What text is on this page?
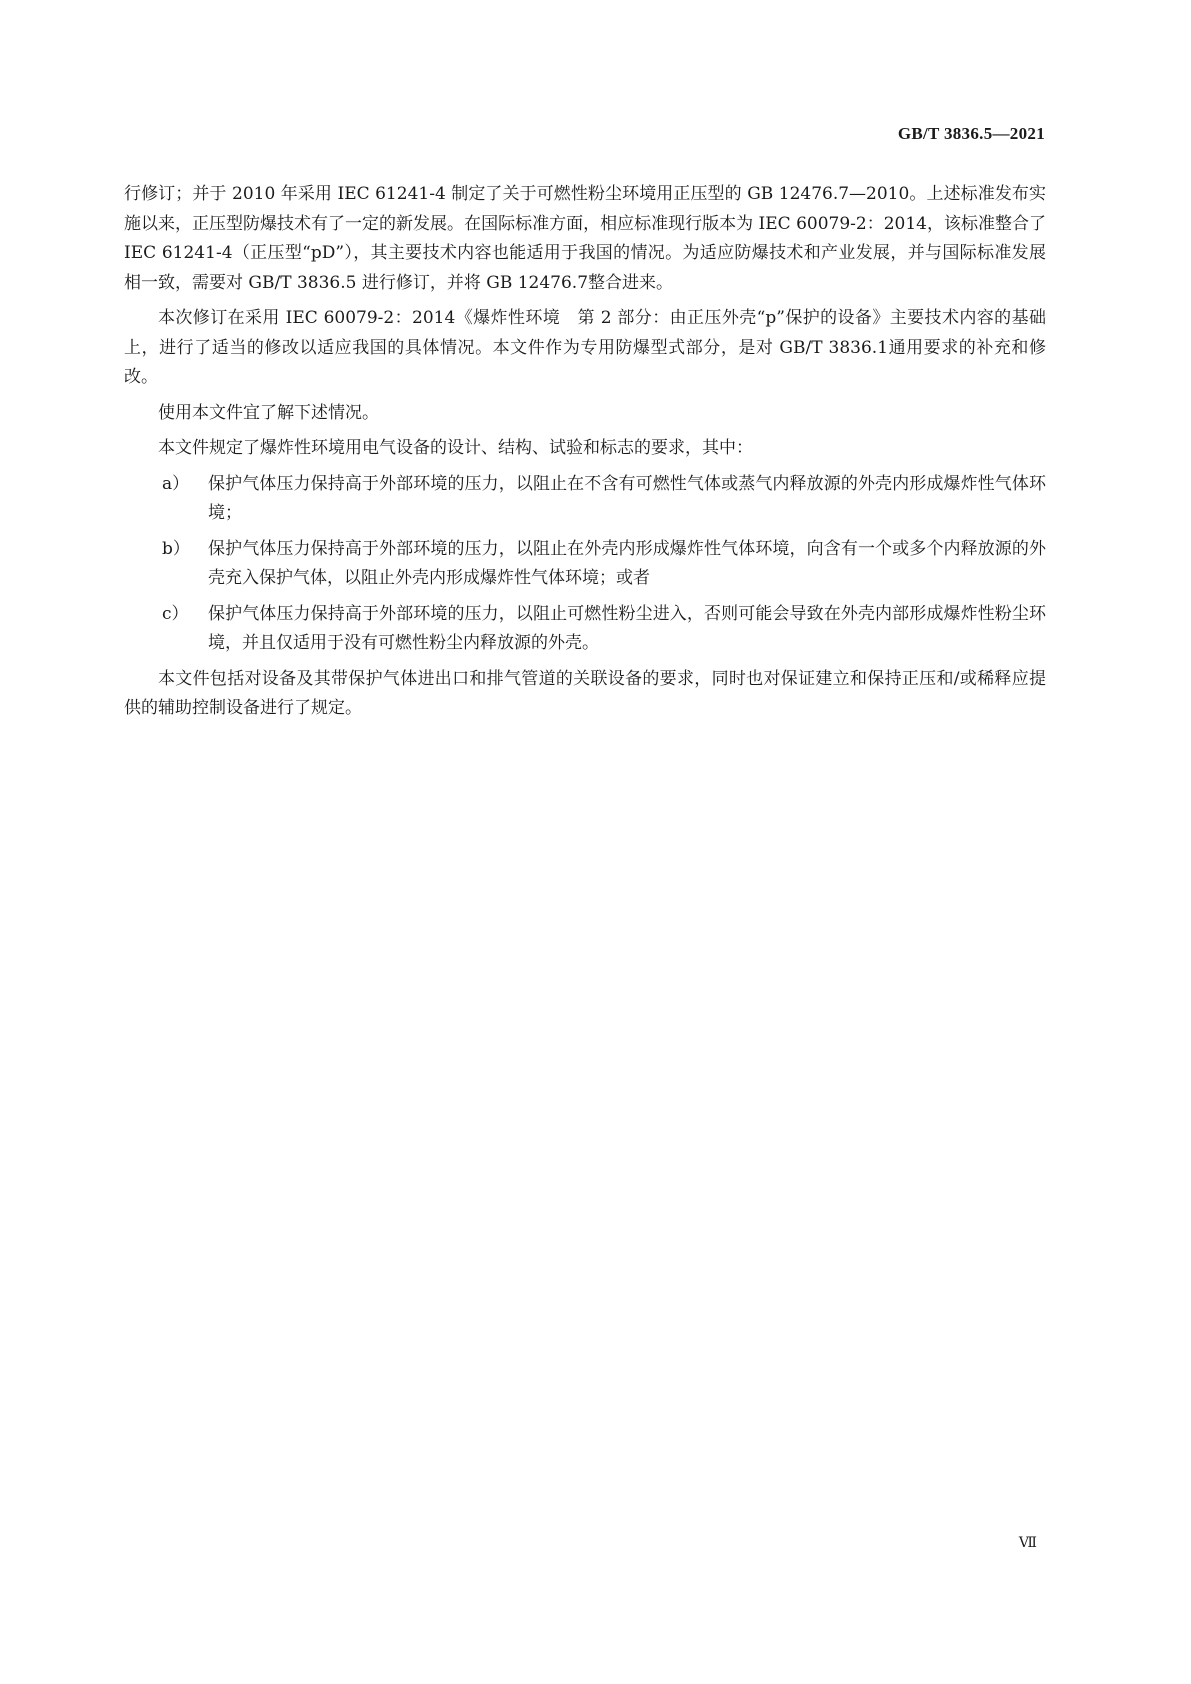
GB/T 3836.5—2021

行修订；并于 2010 年采用 IEC 61241-4 制定了关于可燃性粉尘环境用正压型的 GB 12476.7—2010。上述标准发布实施以来，正压型防爆技术有了一定的新发展。在国际标准方面，相应标准现行版本为 IEC 60079-2：2014，该标准整合了 IEC 61241-4（正压型“pD”），其主要技术内容也能适用于我国的情况。为适应防爆技术和产业发展，并与国际标准发展相一致，需要对 GB/T 3836.5 进行修订，并将 GB 12476.7整合进来。

本次修订在采用 IEC 60079-2：2014《爆炸性环境　第 2 部分：由正压外壳“p”保护的设备》主要技术内容的基础上，进行了适当的修改以适应我国的具体情况。本文件作为专用防爆型式部分，是对 GB/T 3836.1通用要求的补充和修改。

使用本文件宜了解下述情况。

本文件规定了爆炸性环境用电气设备的设计、结构、试验和标志的要求，其中：

a） 保护气体压力保持高于外部环境的压力，以阻止在不含有可燃性气体或蒸气内释放源的外壳内形成爆炸性气体环境；
b） 保护气体压力保持高于外部环境的压力，以阻止在外壳内形成爆炸性气体环境，向含有一个或多个内释放源的外壳充入保护气体，以阻止外壳内形成爆炸性气体环境；或者
c） 保护气体压力保持高于外部环境的压力，以阻止可燃性粉尘进入，否则可能会导致在外壳内部形成爆炸性粉尘环境，并且仅适用于没有可燃性粉尘内释放源的外壳。

本文件包括对设备及其带保护气体进出口和排气管道的关联设备的要求，同时也对保证建立和保持正压和/或稀释应提供的辅助控制设备进行了规定。

Ⅶ
